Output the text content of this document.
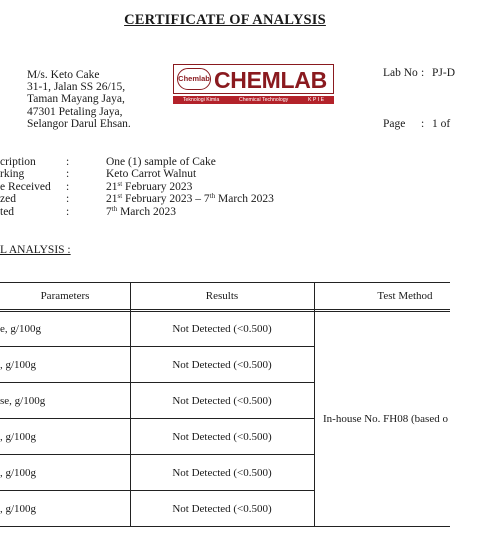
CERTIFICATE OF ANALYSIS
M/s. Keto Cake
31-1, Jalan SS 26/15,
Taman Mayang Jaya,
47301 Petaling Jaya,
Selangor Darul Ehsan.
Chemlab CHEMLAB
Teknologi Kimia	Chemical Technology	K P I E
Lab No : PJ-D
Page : 1 of
cription	:	One (1) sample of Cake
rking	:	Keto Carrot Walnut
e Received :	21st February 2023
zed	:	21st February 2023 – 7th March 2023
ted	:	7th March 2023
L ANALYSIS :
Parameters	Results	Test Method
e, g/100g	Not Detected (<0.500)
, g/100g	Not Detected (<0.500)
se, g/100g	Not Detected (<0.500)
, g/100g	Not Detected (<0.500)
, g/100g	Not Detected (<0.500)
, g/100g	Not Detected (<0.500)
In-house No. FH08 (based o
